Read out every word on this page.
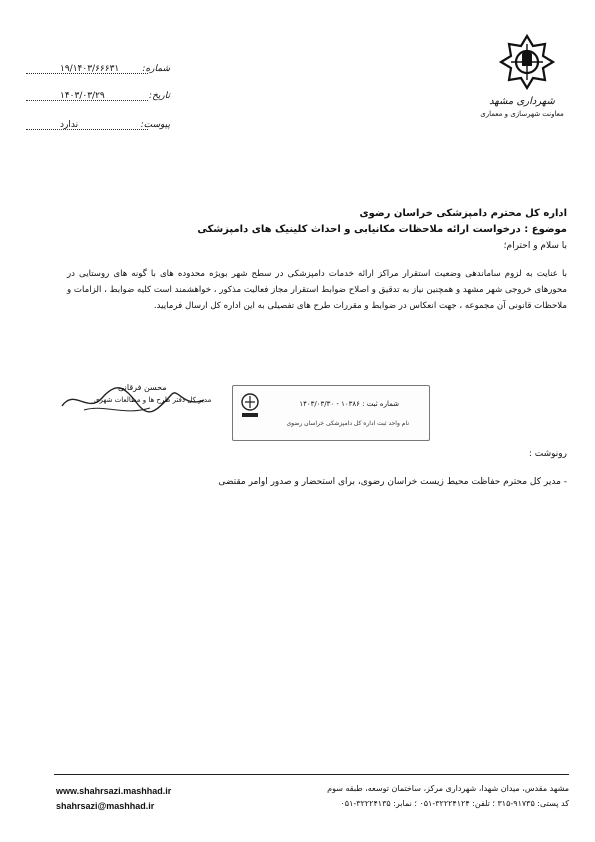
شماره:
۱۹/۱۴۰۳/۶۶۶۳۱
تاریخ:
۱۴۰۳/۰۳/۲۹
پیوست:
ندارد
شهرداری مشهد
معاونت شهرسازی و معماری
اداره کل محترم دامپزشکی خراسان رضوی
موضوع : درخواست ارائه ملاحظات مکانیابی و احداث کلینیک های دامپزشکی
با سلام و احترام؛
با عنایت به لزوم ساماندهی وضعیت استقرار مراکز ارائه خدمات دامپزشکی در سطح شهر بویژه محدوده های با گونه های روستایی در محورهای خروجی شهر مشهد و همچنین نیاز به تدقیق و اصلاح ضوابط استقرار مجاز فعالیت مذکور ، خواهشمند است کلیه ضوابط ، الزامات و ملاحظات قانونی آن مجموعه ، جهت انعکاس در ضوابط و مقررات طرح های تفصیلی به این اداره کل ارسال فرمایید.
محسن فرقانی
مدیر کل دفتر طرح ها و مطالعات شهری	شماره ثبت : ۱۰۳۸۶ - ۱۴۰۳/۰۳/۳۰
نام واحد ثبت اداره کل دامپزشکی خراسان رضوی
رونوشت :
- مدیر کل محترم حفاظت محیط زیست خراسان رضوی، برای استحضار و صدور اوامر مقتضی
www.shahrsazi.mashhad.ir
shahrsazi@mashhad.ir
مشهد مقدس، میدان شهدا، شهرداری مرکز، ساختمان توسعه، طبقه سوم
کد پستی: ۹۱۷۳۵-۳۱۵ ؛ تلفن: ۳۲۲۲۴۱۲۴-۰۵۱ ؛ نمابر: ۳۲۲۲۴۱۳۵-۰۵۱
